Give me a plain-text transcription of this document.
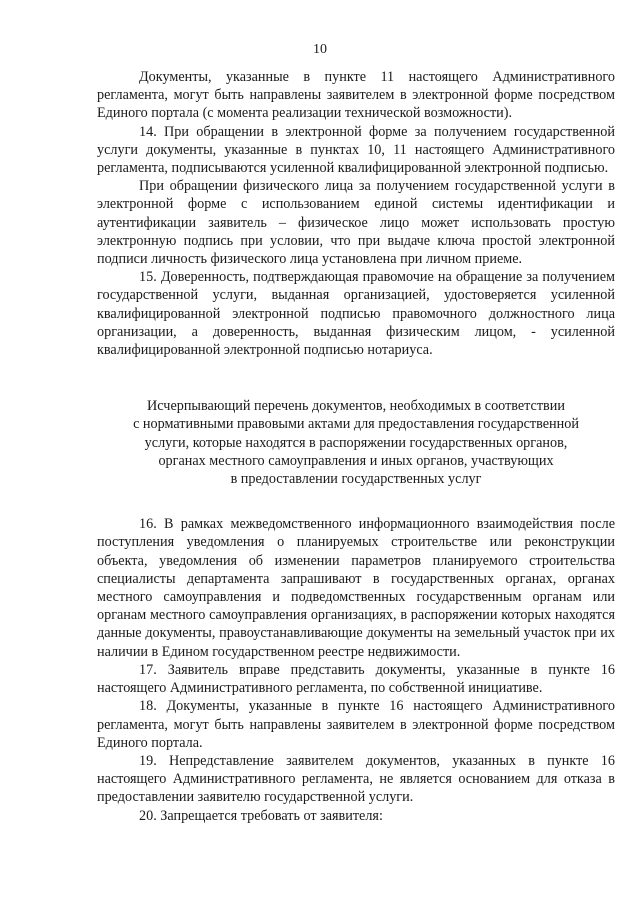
10

Документы, указанные в пункте 11 настоящего Административного регламента, могут быть направлены заявителем в электронной форме посредством Единого портала (с момента реализации технической возможности).

14. При обращении в электронной форме за получением государственной услуги документы, указанные в пунктах 10, 11 настоящего Административного регламента, подписываются усиленной квалифицированной электронной подписью.

При обращении физического лица за получением государственной услуги в электронной форме с использованием единой системы идентификации и аутентификации заявитель – физическое лицо может использовать простую электронную подпись при условии, что при выдаче ключа простой электронной подписи личность физического лица установлена при личном приеме.

15. Доверенность, подтверждающая правомочие на обращение за получением государственной услуги, выданная организацией, удостоверяется усиленной квалифицированной электронной подписью правомочного должностного лица организации, а доверенность, выданная физическим лицом, - усиленной квалифицированной электронной подписью нотариуса.

Исчерпывающий перечень документов, необходимых в соответствии

с нормативными правовыми актами для предоставления государственной

услуги, которые находятся в распоряжении государственных органов,

органах местного самоуправления и иных органов, участвующих

в предоставлении государственных услуг

16. В рамках межведомственного информационного взаимодействия после поступления уведомления о планируемых строительстве или реконструкции объекта, уведомления об изменении параметров планируемого строительства специалисты департамента запрашивают в государственных органах, органах местного самоуправления и подведомственных государственным органам или органам местного самоуправления организациях, в распоряжении которых находятся данные документы, правоустанавливающие документы на земельный участок при их наличии в Едином государственном реестре недвижимости.

17. Заявитель вправе представить документы, указанные в пункте 16 настоящего Административного регламента, по собственной инициативе.

18. Документы, указанные в пункте 16 настоящего Административного регламента, могут быть направлены заявителем в электронной форме посредством Единого портала.

19. Непредставление заявителем документов, указанных в пункте 16 настоящего Административного регламента, не является основанием для отказа в предоставлении заявителю государственной услуги.

20. Запрещается требовать от заявителя:
